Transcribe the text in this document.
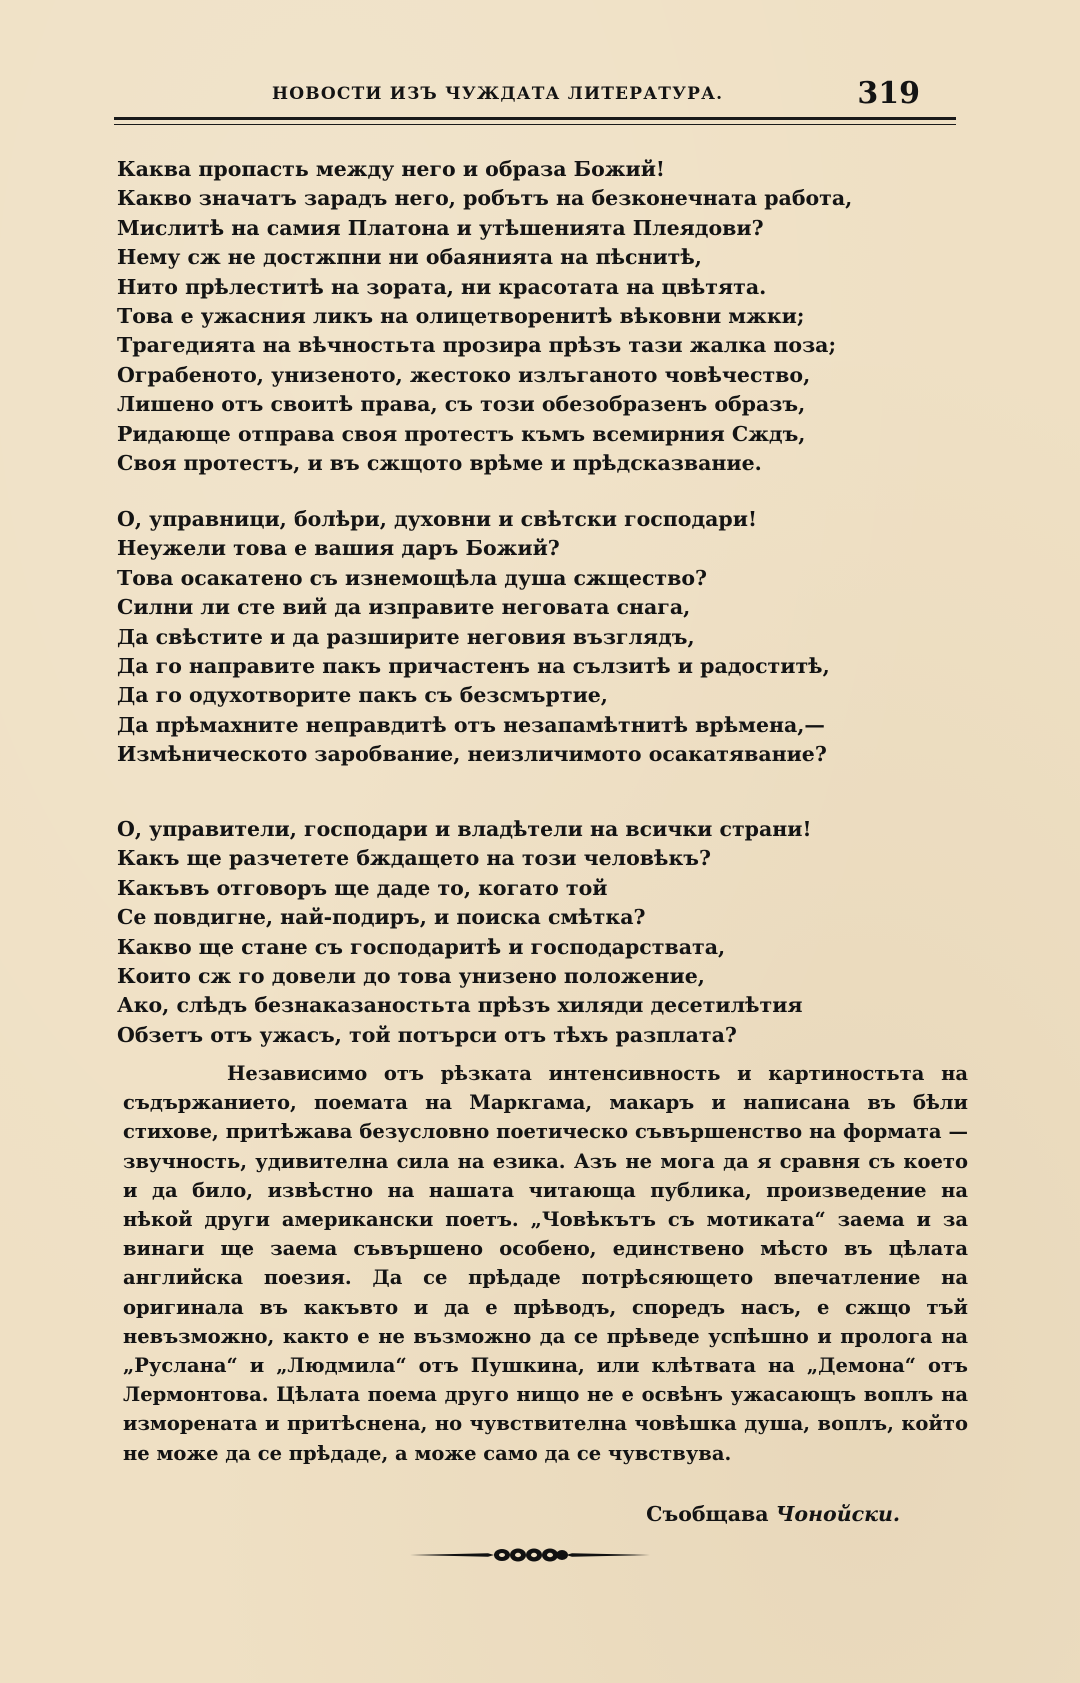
НОВОСТИ ИЗЪ ЧУЖДАТА ЛИТЕРАТУРА.	319
Каква пропасть между него и образа Божий!
Какво значатъ зарадъ него, робътъ на безконечната работа,
Мислитѣ на самия Платона и утѣшенията Плеядови?
Нему сж не достжпни ни обаянията на пѣснитѣ,
Нито прѣлеститѣ на зората, ни красотата на цвѣтята.
Това е ужасния ликъ на олицетворенитѣ вѣковни мжки;
Трагедията на вѣчностьта прозира прѣзъ тази жалка поза;
Ограбеното, унизеното, жестоко излъганото човѣчество,
Лишено отъ своитѣ права, съ този обезобразенъ образъ,
Ридающе отправа своя протестъ къмъ всемирния Сждъ,
Своя протестъ, и въ сжщото врѣме и прѣдсказвание.
О, управници, болѣри, духовни и свѣтски господари!
Неужели това е вашия даръ Божий?
Това осакатено съ изнемощѣла душа сжщество?
Силни ли сте вий да изправите неговата снага,
Да свѣстите и да разширите неговия възглядъ,
Да го направите пакъ причастенъ на сълзитѣ и радоститѣ,
Да го одухотворите пакъ съ безсмъртие,
Да прѣмахните неправдитѣ отъ незапамѣтнитѣ врѣмена,—
Измѣническото заробвание, неизличимото осакатявание?
О, управители, господари и владѣтели на всички страни!
Какъ ще разчетете бждащето на този человѣкъ?
Какъвъ отговоръ ще даде то, когато той
Се повдигне, най-подиръ, и поиска смѣтка?
Какво ще стане съ господаритѣ и господарствата,
Които сж го довели до това унизено положение,
Ако, слѣдъ безнаказаностьта прѣзъ хиляди десетилѣтия
Обзетъ отъ ужасъ, той потърси отъ тѣхъ разплата?

Независимо отъ рѣзката интенсивность и картиностьта на съдържанието, поемата на Маркгама, макаръ и написана въ бѣли стихове, притѣжава безусловно поетическо съвършенство на формата — звучность, удивителна сила на езика. Азъ не мога да я сравня съ което и да било, извѣстно на нашата читающа публика, произведение на нѣкой други американски поетъ. „Човѣкътъ съ мотиката“ заема и за винаги ще заема съвършено особено, единствено мѣсто въ цѣлата английска поезия. Да се прѣдаде потрѣсяющето впечатление на оригинала въ какъвто и да е прѣводъ, споредъ насъ, е сжщо тъй невъзможно, както е не възможно да се прѣведе успѣшно и пролога на „Руслана“ и „Людмила“ отъ Пушкина, или клѣтвата на „Демона“ отъ Лермонтова. Цѣлата поема друго нищо не е освѣнъ ужасающъ воплъ на изморената и притѣснена, но чувствителна човѣшка душа, воплъ, който не може да се прѣдаде, а може само да се чувствува.

Съобщава Чонойски.
